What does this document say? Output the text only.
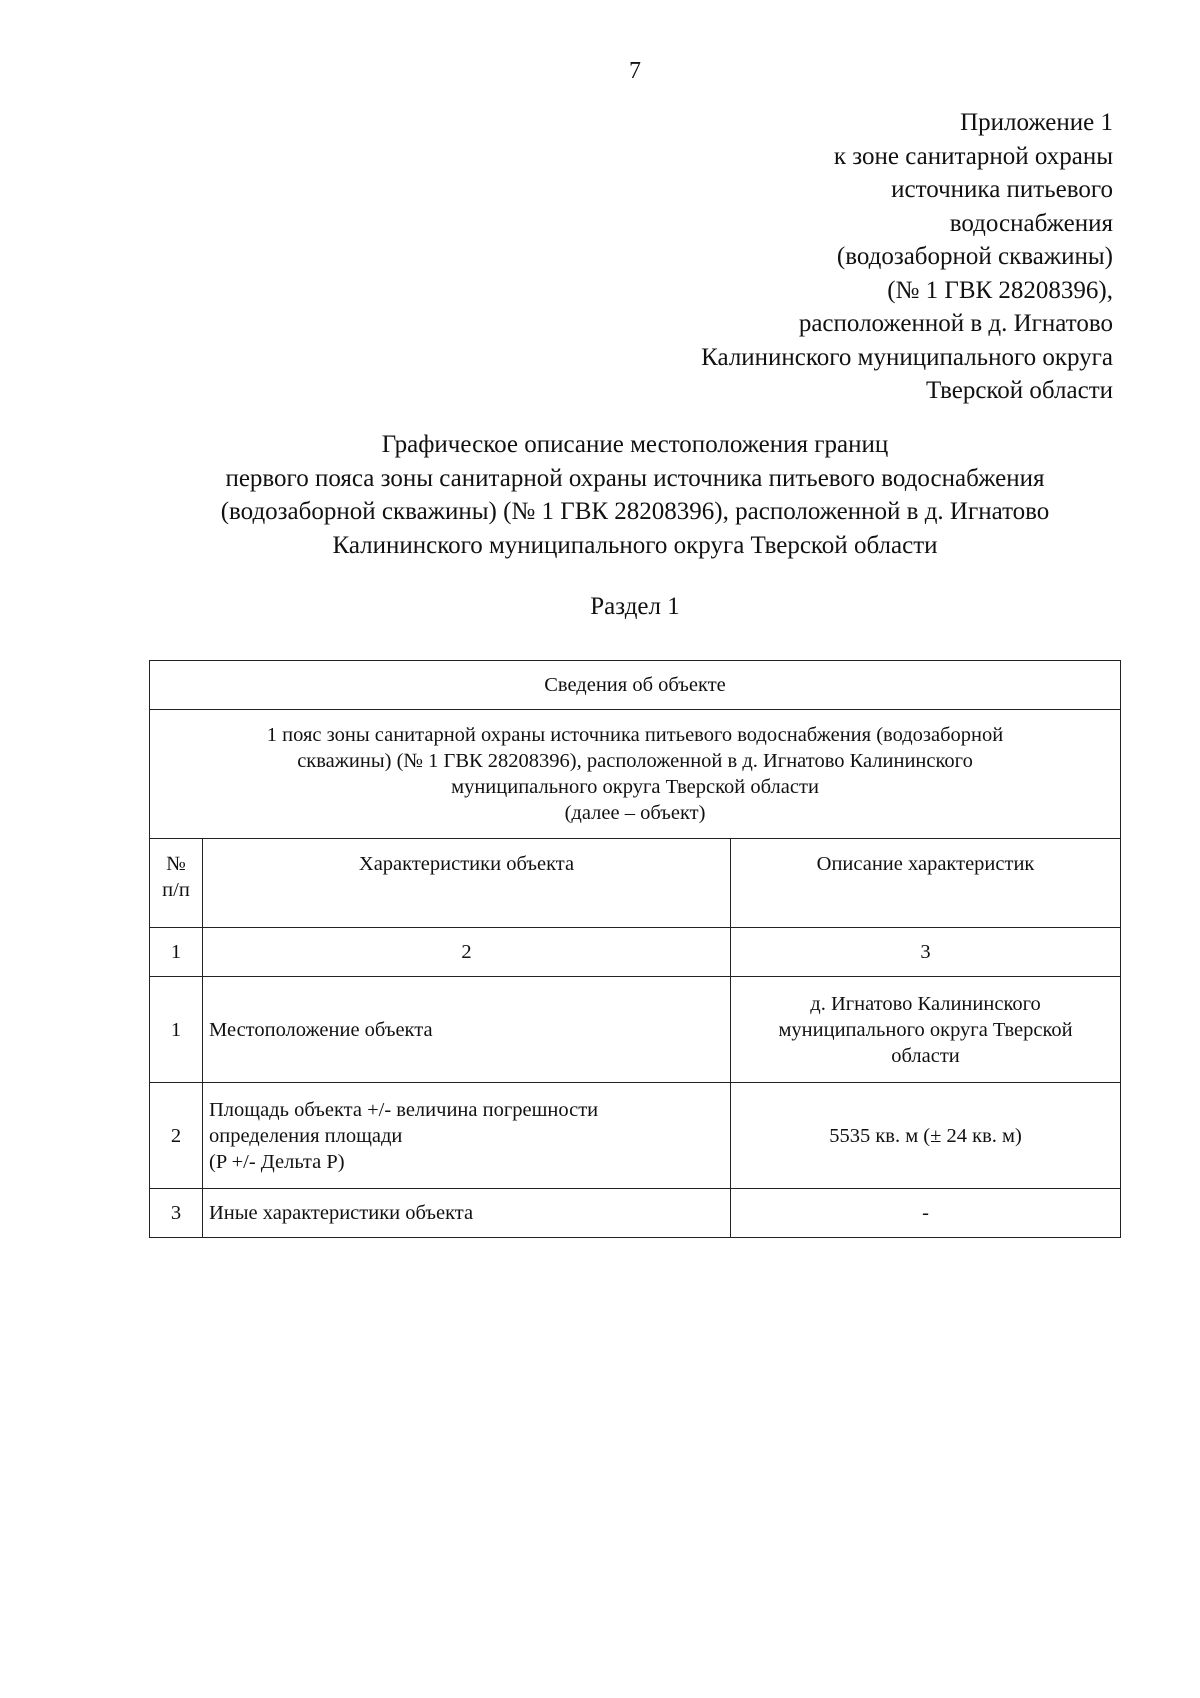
7
Приложение 1
к зоне санитарной охраны
источника питьевого
водоснабжения
(водозаборной скважины)
(№ 1 ГВК 28208396),
расположенной в д. Игнатово
Калининского муниципального округа
Тверской области
Графическое описание местоположения границ
первого пояса зоны санитарной охраны источника питьевого водоснабжения
(водозаборной скважины) (№ 1 ГВК 28208396), расположенной в д. Игнатово
Калининского муниципального округа Тверской области
Раздел 1
Сведения об объекте		

1 пояс зоны санитарной охраны источника питьевого водоснабжения (водозаборной
скважины) (№ 1 ГВК 28208396), расположенной в д. Игнатово Калининского
муниципального округа Тверской области
(далее – объект)		

№ п/п	Характеристики объекта	Описание характеристик
1	2	3
1	Местоположение объекта	д. Игнатово Калининского
муниципального округа Тверской
области

2	Площадь объекта +/- величина погрешности
определения площади
(P +/- Дельта P)	5535 кв. м (± 24 кв. м)

3	Иные характеристики объекта	-
